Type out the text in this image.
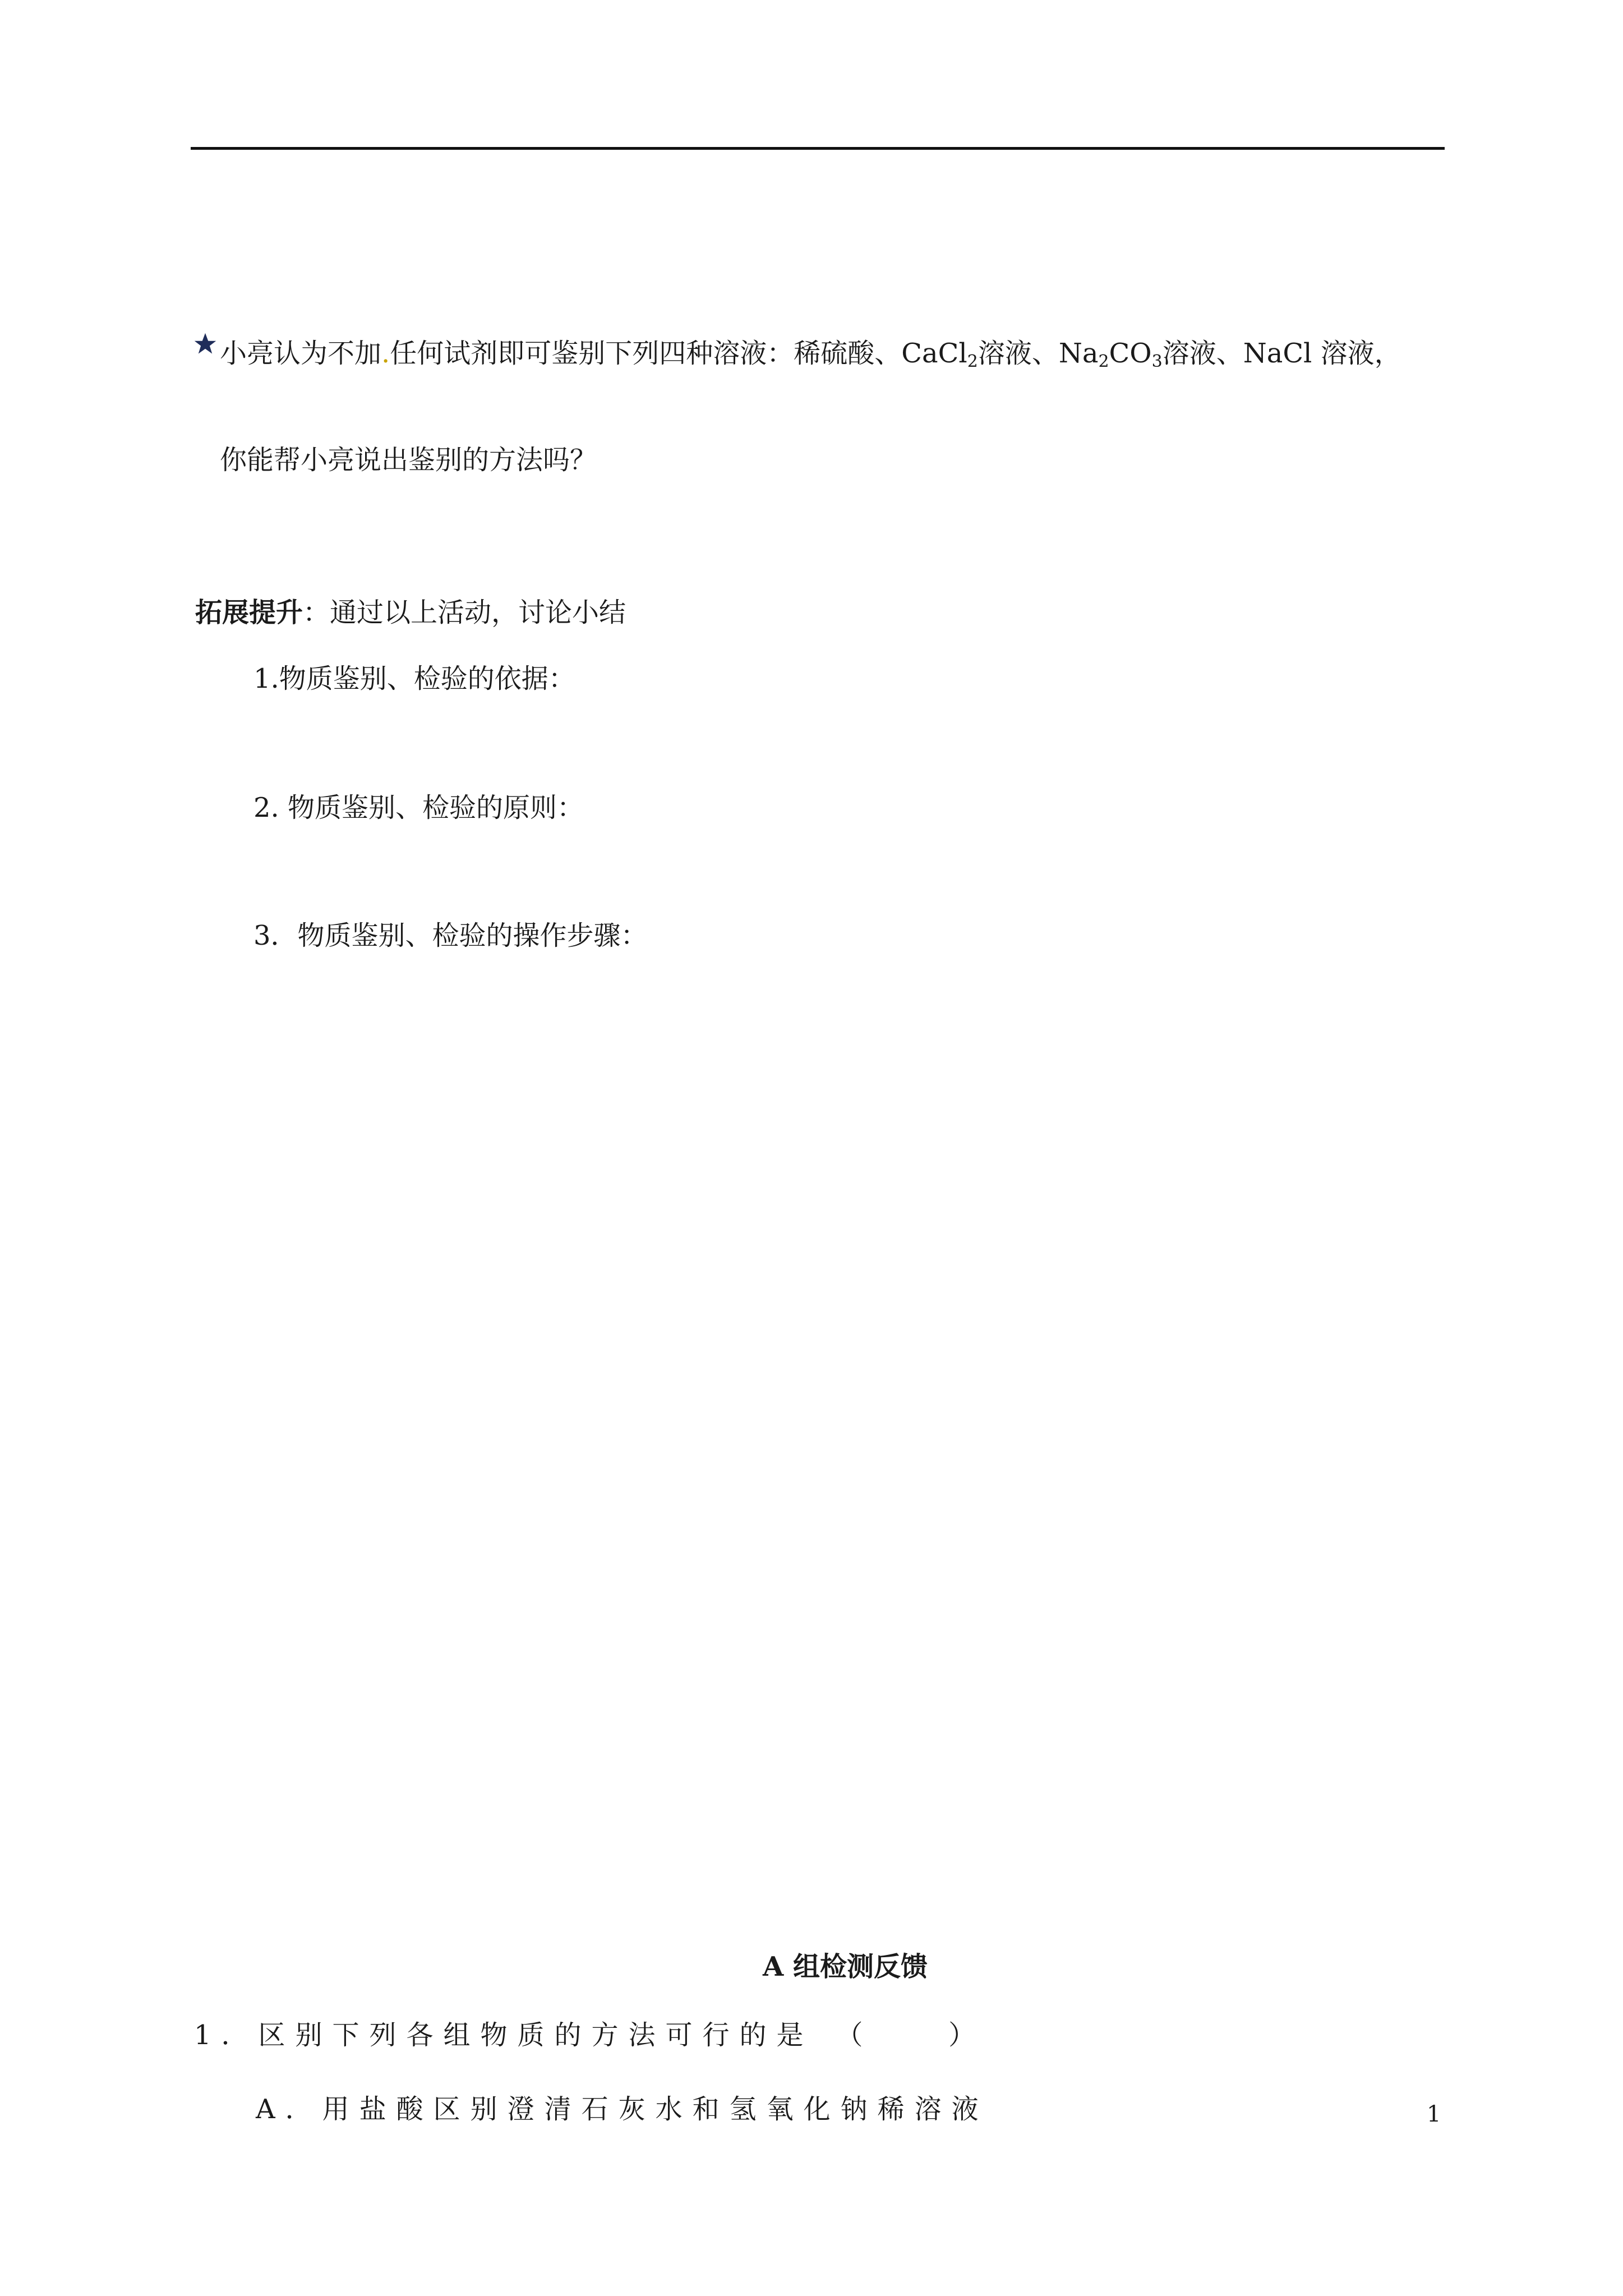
小亮认为不加.任何试剂即可鉴别下列四种溶液：稀硫酸、CaCl$_2$溶液、$Na_2CO_3$溶液、NaCl 溶液，
你能帮小亮说出鉴别的方法吗？
拓展提升：通过以上活动，讨论小结
1.物质鉴别、检验的依据：
2. 物质鉴别、检验的原则：
3．物质鉴别、检验的操作步骤：
A 组检测反馈
1．区别下列各组物质的方法可行的是 （          ）
A．用盐酸区别澄清石灰水和氢氧化钠稀溶液	1
